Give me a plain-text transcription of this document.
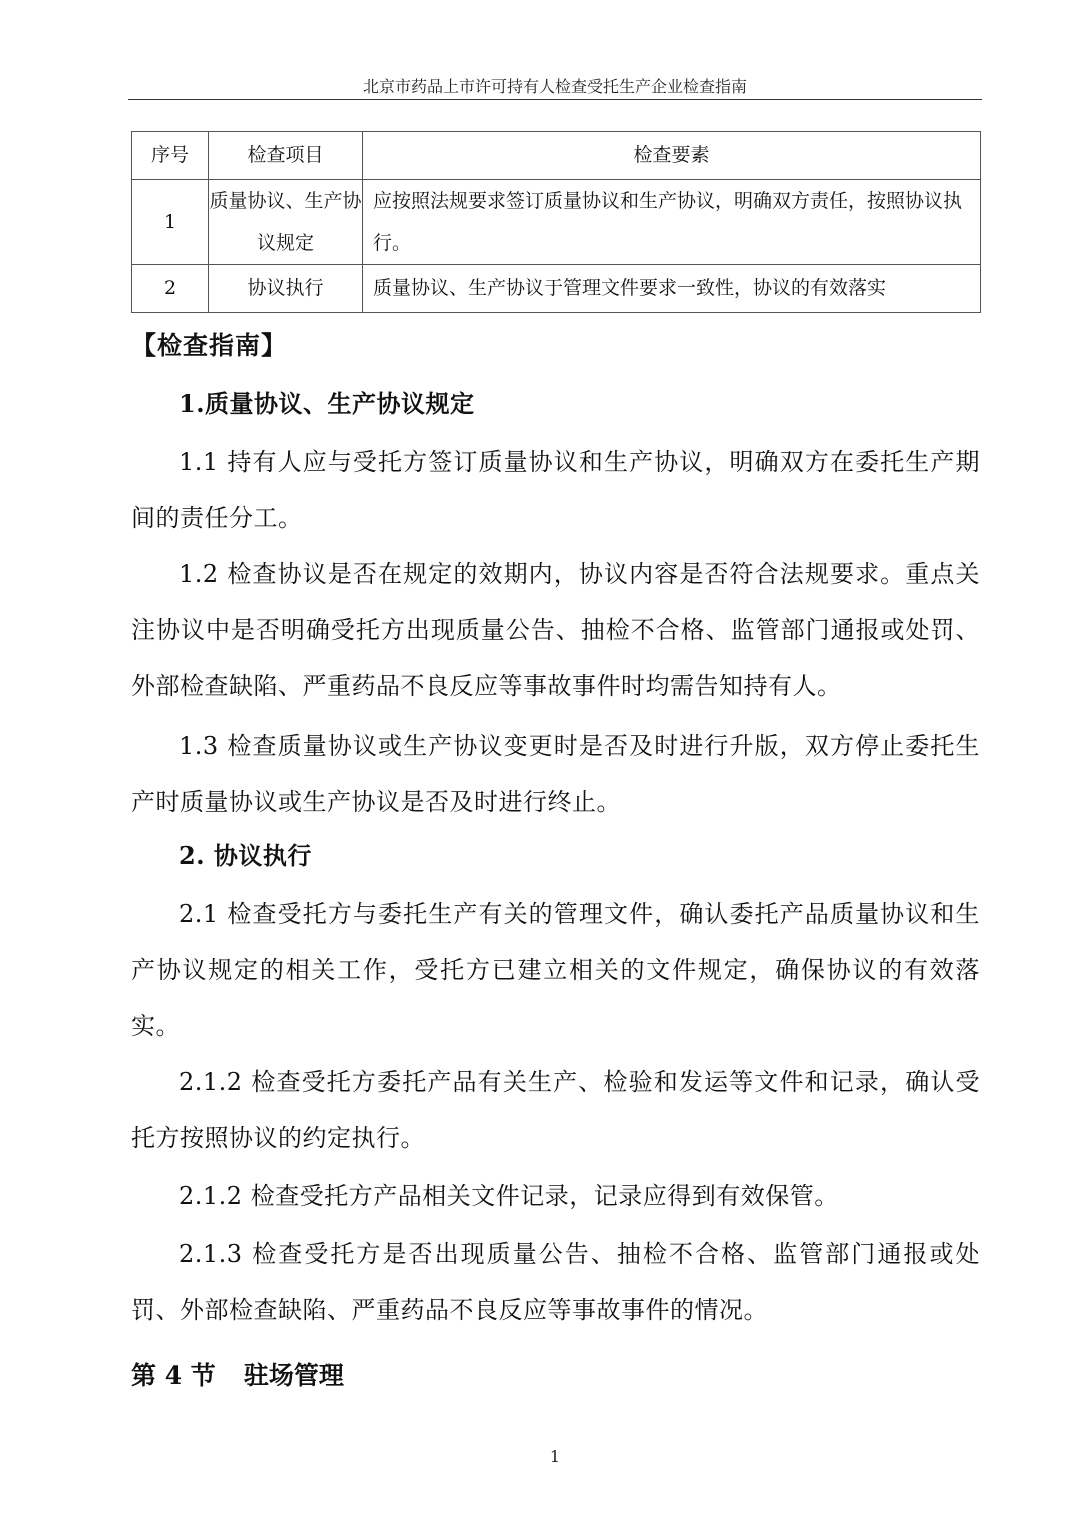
北京市药品上市许可持有人检查受托生产企业检查指南
序号	检查项目	检查要素
1	质量协议、生产协议规定	应按照法规要求签订质量协议和生产协议，明确双方责任，按照协议执行。
2	协议执行	质量协议、生产协议于管理文件要求一致性，协议的有效落实
【检查指南】
1.质量协议、生产协议规定
1.1 持有人应与受托方签订质量协议和生产协议，明确双方在委托生产期间的责任分工。
1.2 检查协议是否在规定的效期内，协议内容是否符合法规要求。重点关注协议中是否明确受托方出现质量公告、抽检不合格、监管部门通报或处罚、外部检查缺陷、严重药品不良反应等事故事件时均需告知持有人。
1.3 检查质量协议或生产协议变更时是否及时进行升版，双方停止委托生产时质量协议或生产协议是否及时进行终止。
2. 协议执行
2.1 检查受托方与委托生产有关的管理文件，确认委托产品质量协议和生产协议规定的相关工作，受托方已建立相关的文件规定，确保协议的有效落实。
2.1.2 检查受托方委托产品有关生产、检验和发运等文件和记录，确认受托方按照协议的约定执行。
2.1.2 检查受托方产品相关文件记录，记录应得到有效保管。
2.1.3 检查受托方是否出现质量公告、抽检不合格、监管部门通报或处罚、外部检查缺陷、严重药品不良反应等事故事件的情况。
第 4 节 驻场管理
1
